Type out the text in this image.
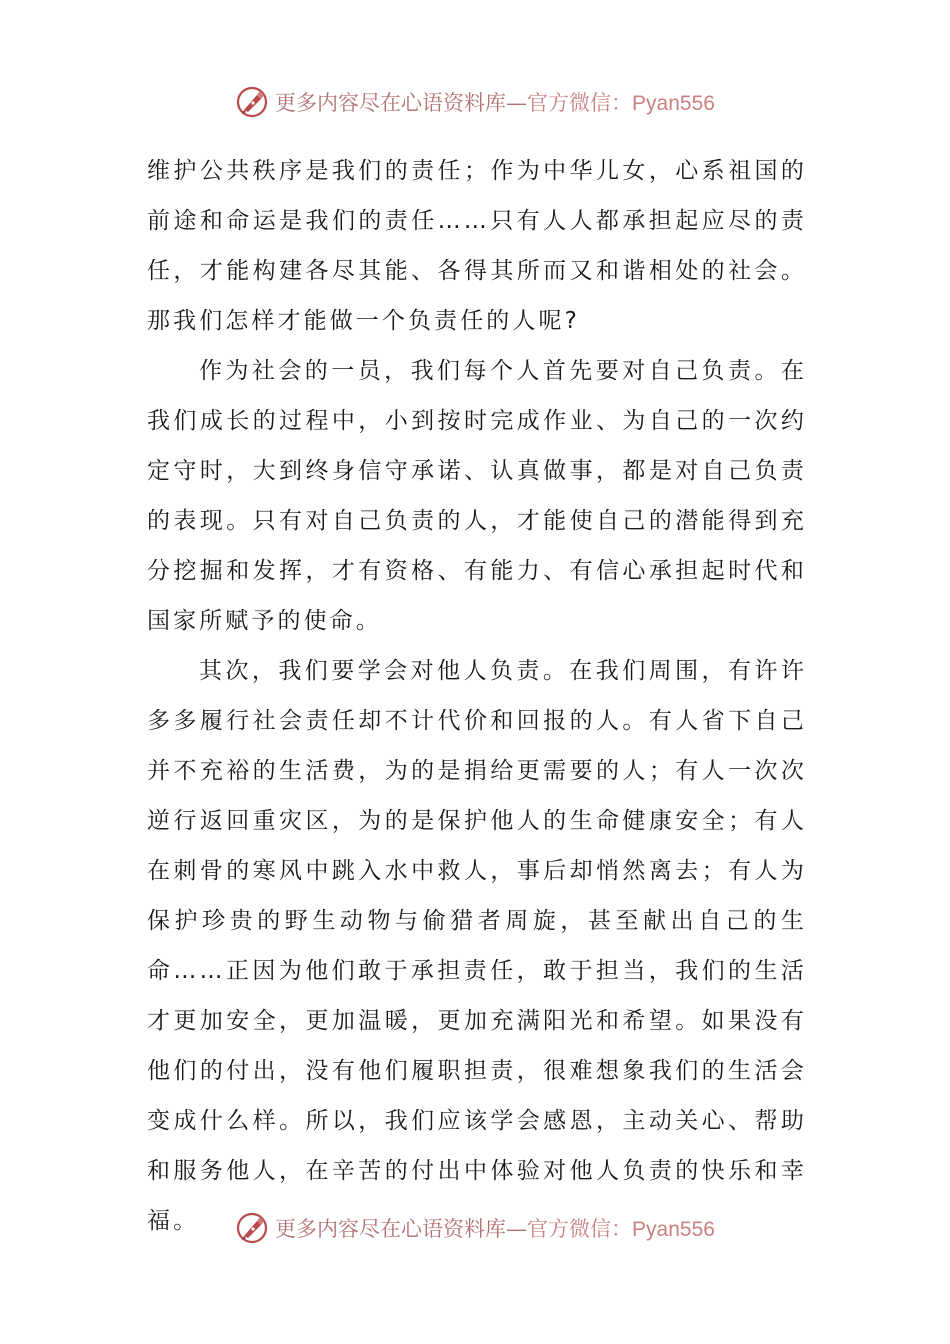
更多内容尽在心语资料库—官方微信：Pyan556

维护公共秩序是我们的责任；作为中华儿女，心系祖国的前途和命运是我们的责任……只有人人都承担起应尽的责任，才能构建各尽其能、各得其所而又和谐相处的社会。那我们怎样才能做一个负责任的人呢?

作为社会的一员，我们每个人首先要对自己负责。在我们成长的过程中，小到按时完成作业、为自己的一次约定守时，大到终身信守承诺、认真做事，都是对自己负责的表现。只有对自己负责的人，才能使自己的潜能得到充分挖掘和发挥，才有资格、有能力、有信心承担起时代和国家所赋予的使命。

其次，我们要学会对他人负责。在我们周围，有许许多多履行社会责任却不计代价和回报的人。有人省下自己并不充裕的生活费，为的是捐给更需要的人；有人一次次逆行返回重灾区，为的是保护他人的生命健康安全；有人在刺骨的寒风中跳入水中救人，事后却悄然离去；有人为保护珍贵的野生动物与偷猎者周旋，甚至献出自己的生命……正因为他们敢于承担责任，敢于担当，我们的生活才更加安全，更加温暖，更加充满阳光和希望。如果没有他们的付出，没有他们履职担责，很难想象我们的生活会变成什么样。所以，我们应该学会感恩，主动关心、帮助和服务他人，在辛苦的付出中体验对他人负责的快乐和幸福。	更多内容尽在心语资料库—官方微信：Pyan556
